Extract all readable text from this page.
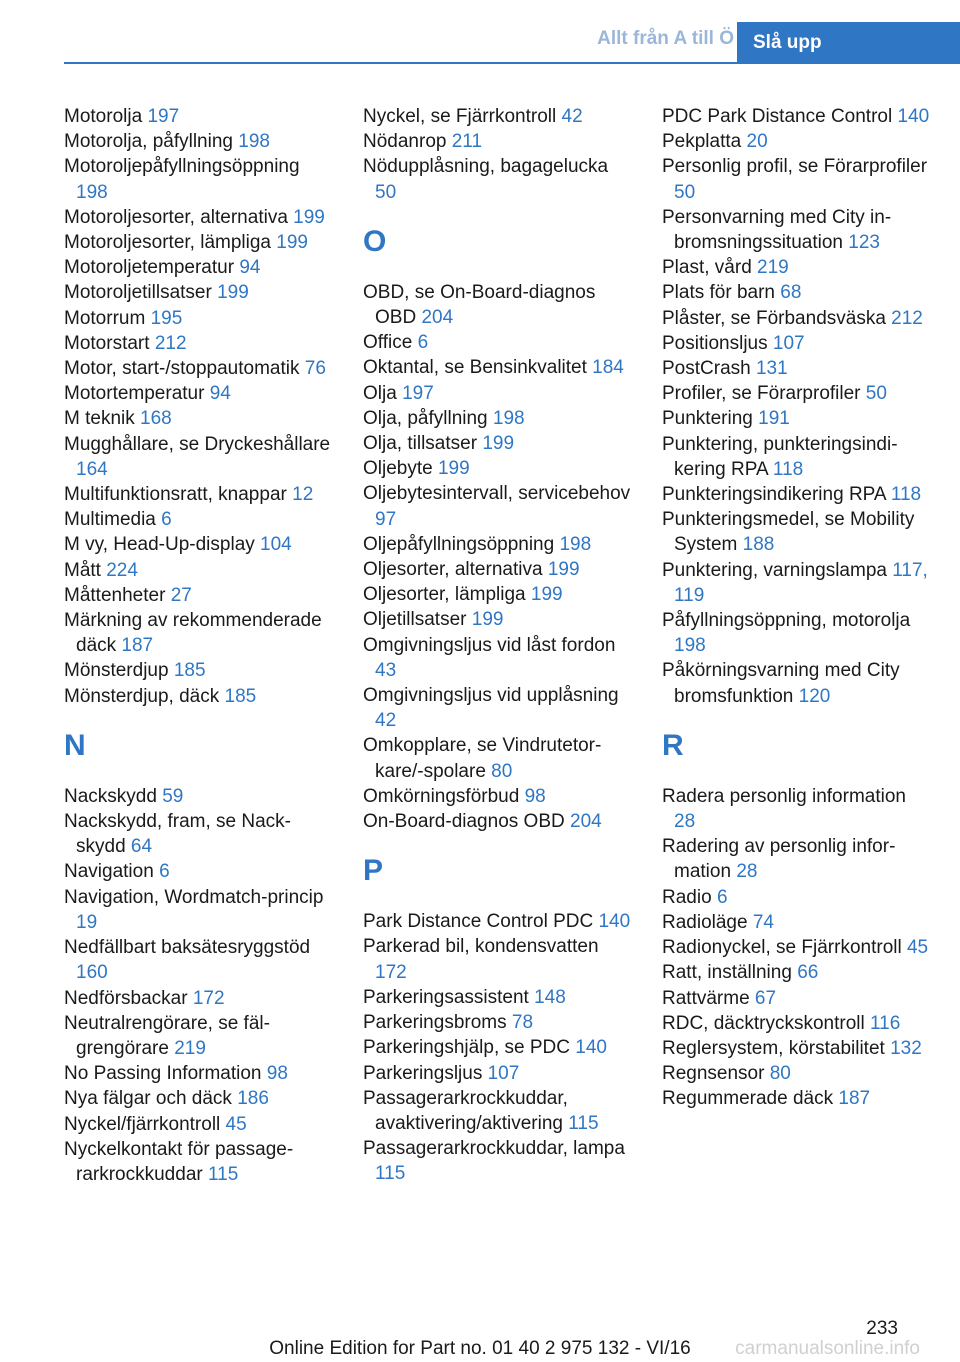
Allt från A till Ö	Slå upp
Motorolja 197
Motorolja, påfyllning 198
Motoroljepåfyllningsöppning 198
Motoroljesorter, alternativa 199
Motoroljesorter, lämpliga 199
Motoroljetemperatur 94
Motoroljetillsatser 199
Motorrum 195
Motorstart 212
Motor, start-/stoppautomatik 76
Motortemperatur 94
M teknik 168
Mugghållare, se Dryckeshållare 164
Multifunktionsratt, knappar 12
Multimedia 6
M vy, Head-Up-display 104
Mått 224
Måttenheter 27
Märkning av rekommenderade däck 187
Mönsterdjup 185
Mönsterdjup, däck 185
N
Nackskydd 59
Nackskydd, fram, se Nackskydd 64
Navigation 6
Navigation, Wordmatch-princip 19
Nedfällbart baksätesryggstöd 160
Nedförsbackar 172
Neutralrengörare, se fälgrengörare 219
No Passing Information 98
Nya fälgar och däck 186
Nyckel/fjärrkontroll 45
Nyckelkontakt för passagerarkrockkuddar 115
Nyckel, se Fjärrkontroll 42
Nödanrop 211
Nödupplåsning, bagagelucka 50
O
OBD, se On-Board-diagnos OBD 204
Office 6
Oktantal, se Bensinkvalitet 184
Olja 197
Olja, påfyllning 198
Olja, tillsatser 199
Oljebyte 199
Oljebytesintervall, servicebehov 97
Oljepåfyllningsöppning 198
Oljesorter, alternativa 199
Oljesorter, lämpliga 199
Oljetillsatser 199
Omgivningsljus vid låst fordon 43
Omgivningsljus vid upplåsning 42
Omkopplare, se Vindrutetorkare/-spolare 80
Omkörningsförbud 98
On-Board-diagnos OBD 204
P
Park Distance Control PDC 140
Parkerad bil, kondensvatten 172
Parkeringsassistent 148
Parkeringsbroms 78
Parkeringshjälp, se PDC 140
Parkeringsljus 107
Passagerarkrockkuddar, avaktivering/aktivering 115
Passagerarkrockkuddar, lampa 115
PDC Park Distance Control 140
Pekplatta 20
Personlig profil, se Förarprofiler 50
Personvarning med City inbromsningssituation 123
Plast, vård 219
Plats för barn 68
Plåster, se Förbandsväska 212
Positionsljus 107
PostCrash 131
Profiler, se Förarprofiler 50
Punktering 191
Punktering, punkteringsindikering RPA 118
Punkteringsindikering RPA 118
Punkteringsmedel, se Mobility System 188
Punktering, varningslampa 117, 119
Påfyllningsöppning, motorolja 198
Påkörningsvarning med City bromsfunktion 120
R
Radera personlig information 28
Radering av personlig information 28
Radio 6
Radioläge 74
Radionyckel, se Fjärrkontroll 45
Ratt, inställning 66
Rattvärme 67
RDC, däcktryckskontroll 116
Reglersystem, körstabilitet 132
Regnsensor 80
Regummerade däck 187
233
Online Edition for Part no. 01 40 2 975 132 - VI/16	carmanualsonline.info
